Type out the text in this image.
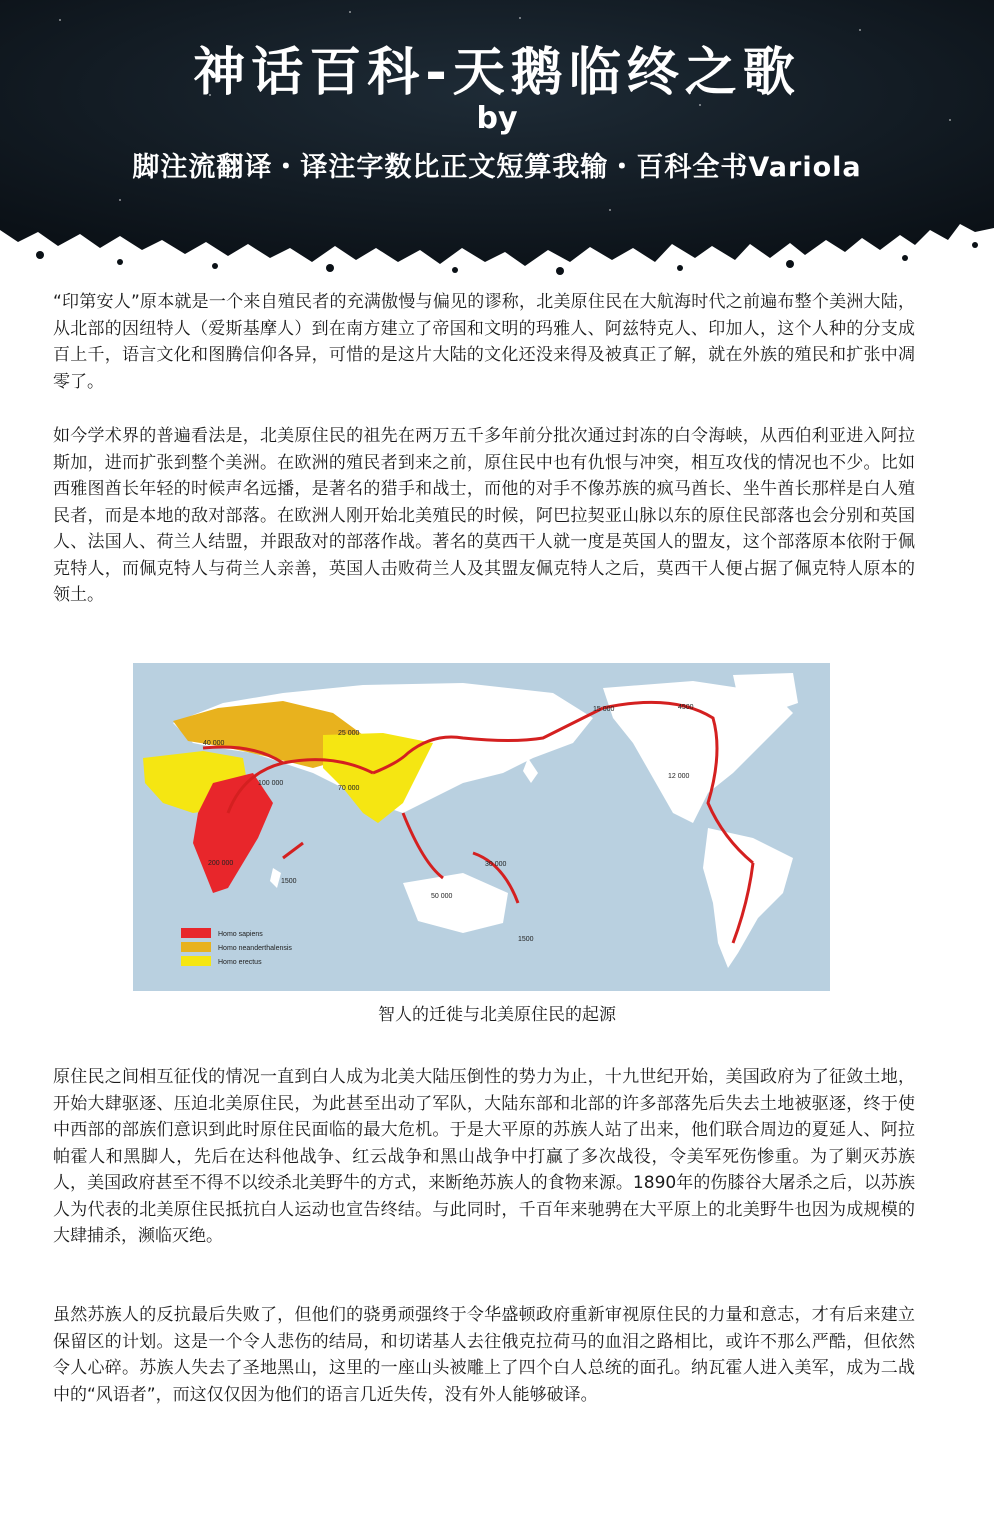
神话百科-天鹅临终之歌
by
脚注流翻译・译注字数比正文短算我输・百科全书Variola

“印第安人”原本就是一个来自殖民者的充满傲慢与偏见的谬称，北美原住民在大航海时代之前遍布整个美洲大陆，从北部的因纽特人（爱斯基摩人）到在南方建立了帝国和文明的玛雅人、阿兹特克人、印加人，这个人种的分支成百上千，语言文化和图腾信仰各异，可惜的是这片大陆的文化还没来得及被真正了解，就在外族的殖民和扩张中凋零了。

如今学术界的普遍看法是，北美原住民的祖先在两万五千多年前分批次通过封冻的白令海峡，从西伯利亚进入阿拉斯加，进而扩张到整个美洲。在欧洲的殖民者到来之前，原住民中也有仇恨与冲突，相互攻伐的情况也不少。比如西雅图酋长年轻的时候声名远播，是著名的猎手和战士，而他的对手不像苏族的疯马酋长、坐牛酋长那样是白人殖民者，而是本地的敌对部落。在欧洲人刚开始北美殖民的时候，阿巴拉契亚山脉以东的原住民部落也会分别和英国人、法国人、荷兰人结盟，并跟敌对的部落作战。著名的莫西干人就一度是英国人的盟友，这个部落原本依附于佩克特人，而佩克特人与荷兰人亲善，英国人击败荷兰人及其盟友佩克特人之后，莫西干人便占据了佩克特人原本的领土。

40 000
25 000
15 000	4500
100 000
70 000
12 000
200 000
1500
50 000
30 000
1500
Homo sapiens
Homo neanderthalensis
Homo erectus
智人的迁徙与北美原住民的起源

原住民之间相互征伐的情况一直到白人成为北美大陆压倒性的势力为止，十九世纪开始，美国政府为了征敛土地，开始大肆驱逐、压迫北美原住民，为此甚至出动了军队，大陆东部和北部的许多部落先后失去土地被驱逐，终于使中西部的部族们意识到此时原住民面临的最大危机。于是大平原的苏族人站了出来，他们联合周边的夏延人、阿拉帕霍人和黑脚人，先后在达科他战争、红云战争和黑山战争中打赢了多次战役，令美军死伤惨重。为了剿灭苏族人，美国政府甚至不得不以绞杀北美野牛的方式，来断绝苏族人的食物来源。1890年的伤膝谷大屠杀之后，以苏族人为代表的北美原住民抵抗白人运动也宣告终结。与此同时，千百年来驰骋在大平原上的北美野牛也因为成规模的大肆捕杀，濒临灭绝。

虽然苏族人的反抗最后失败了，但他们的骁勇顽强终于令华盛顿政府重新审视原住民的力量和意志，才有后来建立保留区的计划。这是一个令人悲伤的结局，和切诺基人去往俄克拉荷马的血泪之路相比，或许不那么严酷，但依然令人心碎。苏族人失去了圣地黑山，这里的一座山头被雕上了四个白人总统的面孔。纳瓦霍人进入美军，成为二战中的“风语者”，而这仅仅因为他们的语言几近失传，没有外人能够破译。
